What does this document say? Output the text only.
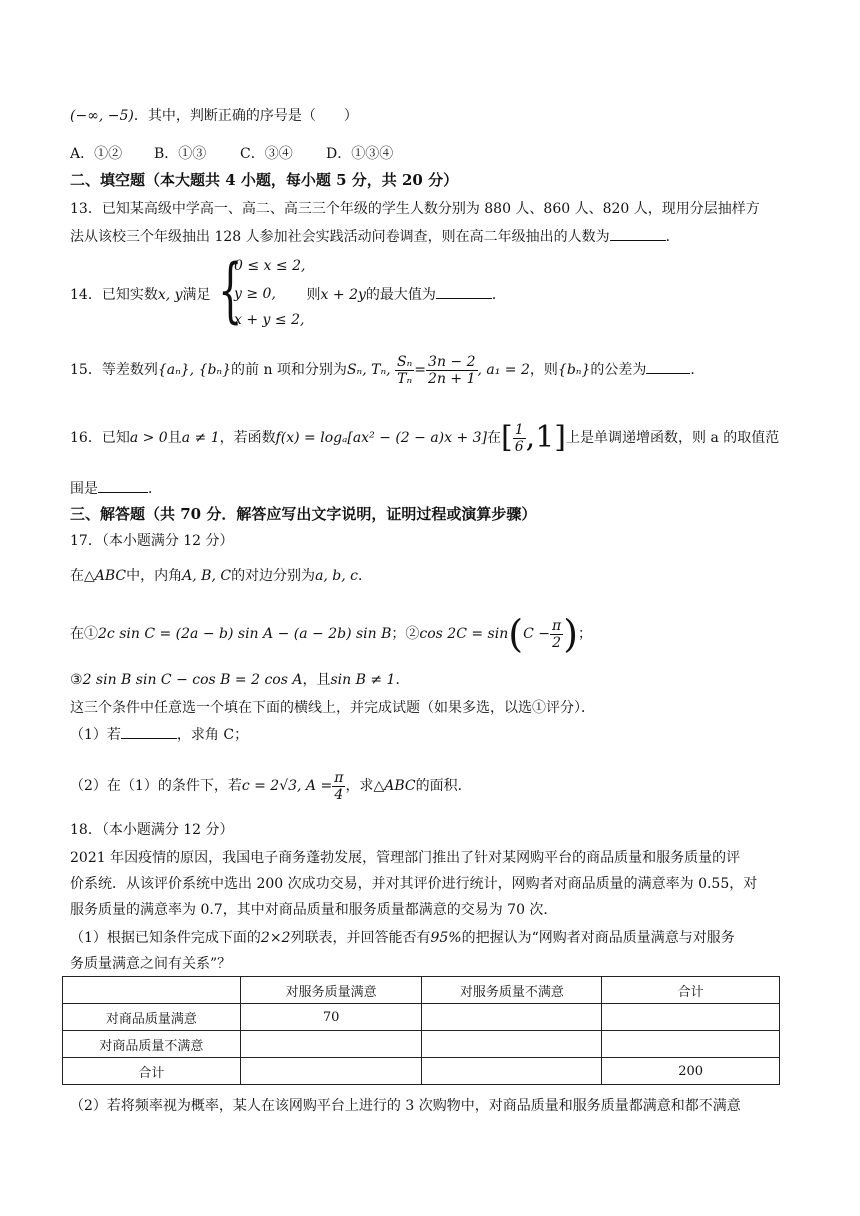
(−∞, −5)．其中，判断正确的序号是（　　）
A．①② B．①③ C．③④ D．①③④
二、填空题（本大题共 4 小题，每小题 5 分，共 20 分）
13．已知某高级中学高一、高二、高三三个年级的学生人数分别为 880 人、860 人、820 人，现用分层抽样方
法从该校三个年级抽出 128 人参加社会实践活动问卷调查，则在高二年级抽出的人数为	．
14．已知实数x, y满足	则x + 2y的最大值为	．
{
0 ≤ x ≤ 2,
y ≥ 0,
x + y ≤ 2,
15．等差数列{aₙ}, {bₙ}的前 n 项和分别为Sₙ, Tₙ, $\frac{\text{Sₙ}}{\text{Tₙ}} = \frac{3n - 2}{2n + 1}$ , a₁ = 2，则{bₙ}的公差为	．
16．已知a > 0且a ≠ 1，若函数f(x) = logₐ[ax² − (2 − a)x + 3]在[ $\frac{1}{6} ,1$]上是单调递增函数，则 a 的取值范
围是	．
三、解答题（共 70 分．解答应写出文字说明，证明过程或演算步骤）
17．（本小题满分 12 分）
在△ABC中，内角A, B, C的对边分别为a, b, c．
在①2c sin C = (2a − b) sin A − (a − 2b) sin B；②cos $2C = \sin(C - \frac{\pi}{2}$ )；
③2 sin B sin C − cos B = 2 cos A，且sin B ≠ 1．
这三个条件中任意选一个填在下面的横线上，并完成试题（如果多选，以选①评分）．
（1）若	，求角 C；
（2）在（1）的条件下，若c = 2√3, $A = \frac{\pi}{4}$ ，求△ABC的面积．
18．（本小题满分 12 分）
2021 年因疫情的原因，我国电子商务蓬勃发展，管理部门推出了针对某网购平台的商品质量和服务质量的评
价系统．从该评价系统中选出 200 次成功交易，并对其评价进行统计，网购者对商品质量的满意率为 0.55，对
服务质量的满意率为 0.7，其中对商品质量和服务质量都满意的交易为 70 次．
（1）根据已知条件完成下面的2×2列联表，并回答能否有95%的把握认为“网购者对商品质量满意与对服务
务质量满意之间有关系”？
	对服务质量满意	对服务质量不满意	合计
对商品质量满意	70		
对商品质量不满意			
合计			200
（2）若将频率视为概率，某人在该网购平台上进行的 3 次购物中，对商品质量和服务质量都满意和都不满意
